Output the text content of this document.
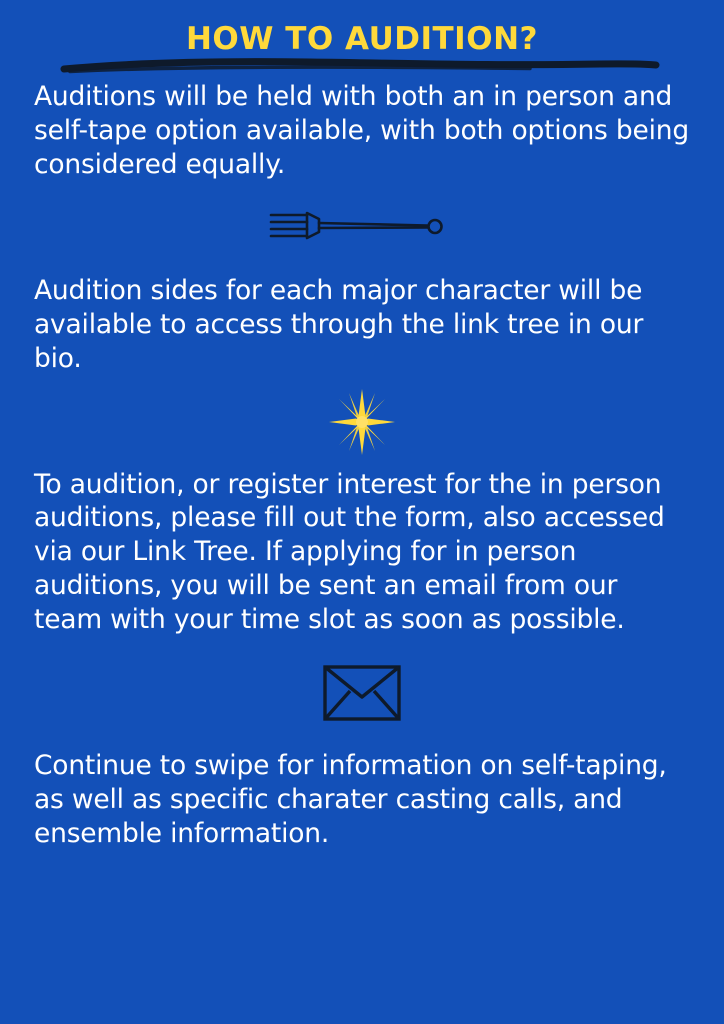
HOW TO AUDITION?

Auditions will be held with both an in person and self-tape option available, with both options being considered equally.

Audition sides for each major character will be available to access through the link tree in our bio.

To audition, or register interest for the in person auditions, please fill out the form, also accessed via our Link Tree. If applying for in person auditions, you will be sent an email from our team with your time slot as soon as possible.

Continue to swipe for information on self-taping, as well as specific charater casting calls, and ensemble information.
